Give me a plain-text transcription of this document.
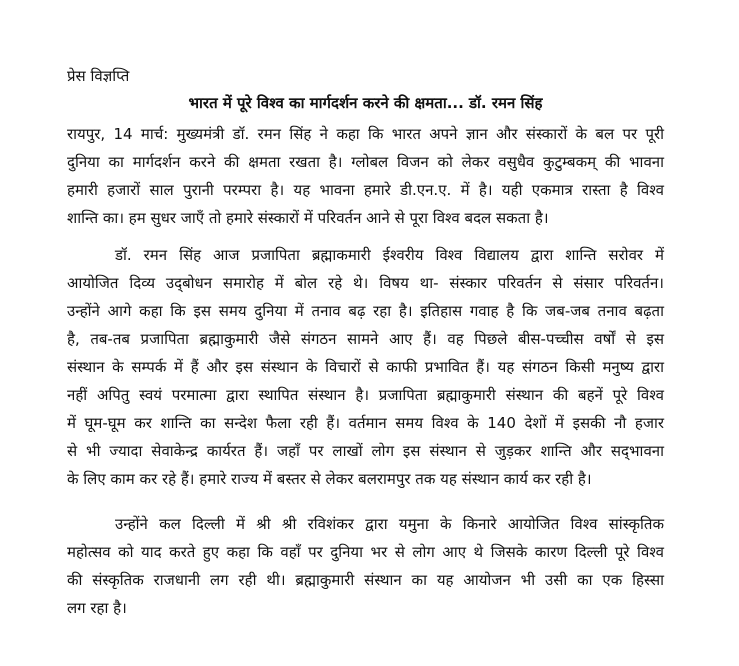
प्रेस विज्ञप्ति
भारत में पूरे विश्व का मार्गदर्शन करने की क्षमता... डॉ. रमन सिंह
रायपुर, 14 मार्च: मुख्यमंत्री डॉ. रमन सिंह ने कहा कि भारत अपने ज्ञान और संस्कारों के बल पर पूरी
दुनिया का मार्गदर्शन करने की क्षमता रखता है। ग्लोबल विजन को लेकर वसुधैव कुटुम्बकम् की भावना
हमारी हजारों साल पुरानी परम्परा है। यह भावना हमारे डी.एन.ए. में है। यही एकमात्र रास्ता है विश्व
शान्ति का। हम सुधर जाएँ तो हमारे संस्कारों में परिवर्तन आने से पूरा विश्व बदल सकता है।
डॉ. रमन सिंह आज प्रजापिता ब्रह्माकमारी ईश्वरीय विश्व विद्यालय द्वारा शान्ति सरोवर में
आयोजित दिव्य उद्‌बोधन समारोह में बोल रहे थे। विषय था- संस्कार परिवर्तन से संसार परिवर्तन।
उन्होंने आगे कहा कि इस समय दुनिया में तनाव बढ़ रहा है। इतिहास गवाह है कि जब-जब तनाव बढ़ता
है, तब-तब प्रजापिता ब्रह्माकुमारी जैसे संगठन सामने आए हैं। वह पिछले बीस-पच्चीस वर्षों से इस
संस्थान के सम्पर्क में हैं और इस संस्थान के विचारों से काफी प्रभावित हैं। यह संगठन किसी मनुष्य द्वारा
नहीं अपितु स्वयं परमात्मा द्वारा स्थापित संस्थान है। प्रजापिता ब्रह्माकुमारी संस्थान की बहनें पूरे विश्व
में घूम-घूम कर शान्ति का सन्देश फैला रही हैं। वर्तमान समय विश्व के 140 देशों में इसकी नौ हजार
से भी ज्यादा सेवाकेन्द्र कार्यरत हैं। जहाँ पर लाखों लोग इस संस्थान से जुड़कर शान्ति और सद्‌भावना
के लिए काम कर रहे हैं। हमारे राज्य में बस्तर से लेकर बलरामपुर तक यह संस्थान कार्य कर रही है।
उन्होंने कल दिल्ली में श्री श्री रविशंकर द्वारा यमुना के किनारे आयोजित विश्व सांस्कृतिक
महोत्सव को याद करते हुए कहा कि वहाँ पर दुनिया भर से लोग आए थे जिसके कारण दिल्ली पूरे विश्व
की संस्कृतिक राजधानी लग रही थी। ब्रह्माकुमारी संस्थान का यह आयोजन भी उसी का एक हिस्सा
लग रहा है।
